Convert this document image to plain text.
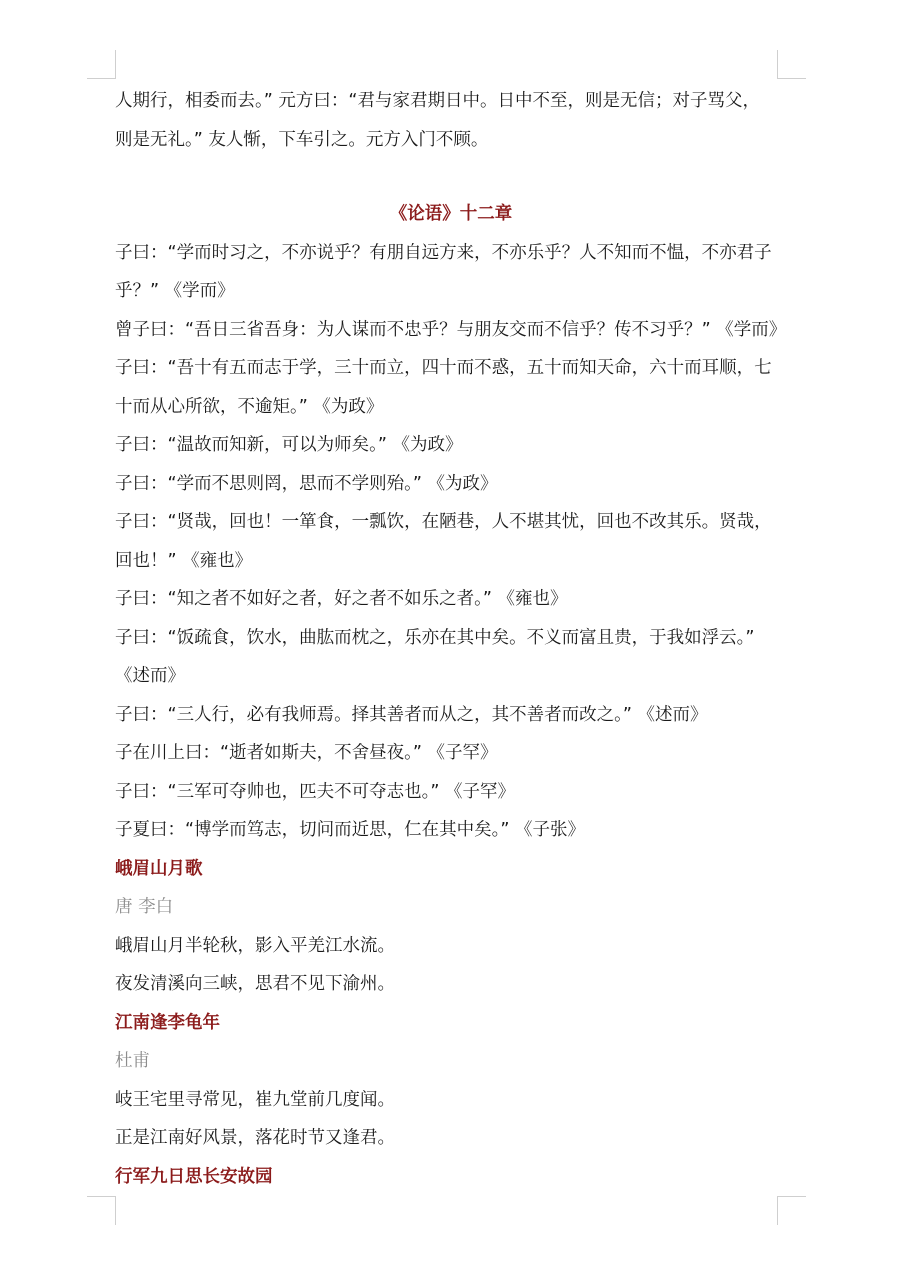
人期行，相委而去。” 元方曰：“君与家君期日中。日中不至，则是无信；对子骂父，

则是无礼。” 友人惭，下车引之。元方入门不顾。

《论语》十二章

子曰：“学而时习之，不亦说乎？有朋自远方来，不亦乐乎？人不知而不愠，不亦君子

乎？” 《学而》

曾子曰：“吾日三省吾身：为人谋而不忠乎？与朋友交而不信乎？传不习乎？” 《学而》

子曰：“吾十有五而志于学，三十而立，四十而不惑，五十而知天命，六十而耳顺，七

十而从心所欲，不逾矩。” 《为政》

子曰：“温故而知新，可以为师矣。” 《为政》

子曰：“学而不思则罔，思而不学则殆。” 《为政》

子曰：“贤哉，回也！一箪食，一瓢饮，在陋巷，人不堪其忧，回也不改其乐。贤哉，

回也！” 《雍也》

子曰：“知之者不如好之者，好之者不如乐之者。” 《雍也》

子曰：“饭疏食，饮水，曲肱而枕之，乐亦在其中矣。不义而富且贵，于我如浮云。”

《述而》

子曰：“三人行，必有我师焉。择其善者而从之，其不善者而改之。” 《述而》

子在川上曰：“逝者如斯夫，不舍昼夜。” 《子罕》

子曰：“三军可夺帅也，匹夫不可夺志也。” 《子罕》

子夏曰：“博学而笃志，切问而近思，仁在其中矣。” 《子张》

峨眉山月歌

唐 李白

峨眉山月半轮秋，影入平羌江水流。

夜发清溪向三峡，思君不见下渝州。

江南逢李龟年

杜甫

岐王宅里寻常见，崔九堂前几度闻。

正是江南好风景，落花时节又逢君。

行军九日思长安故园
